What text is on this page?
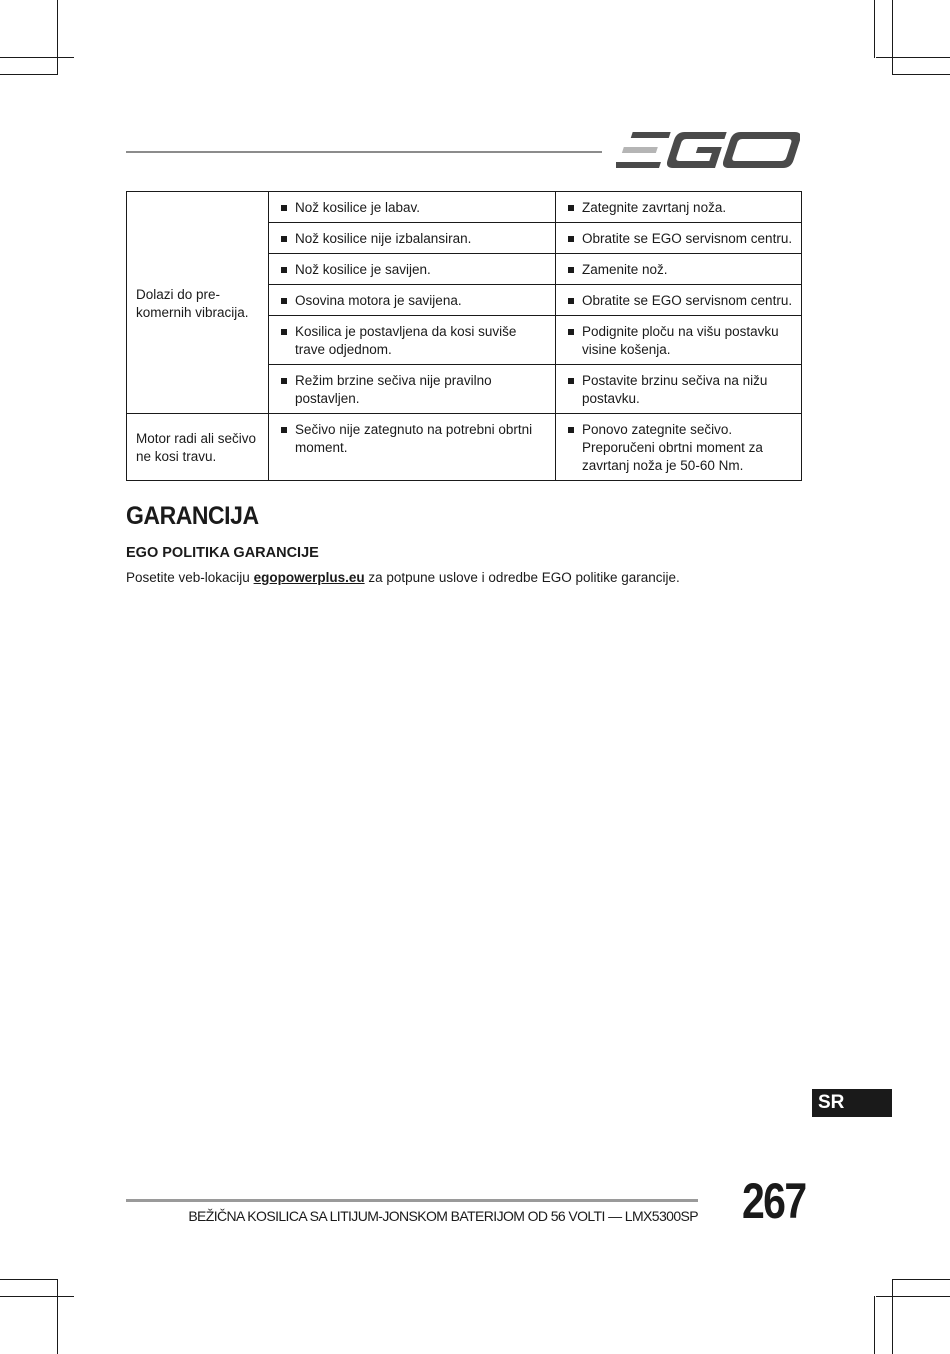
Dolazi do pre-komernih vibracija.	Nož kosilice je labav.	Zategnite zavrtanj noža.

	Nož kosilice nije izbalansiran.	Obratite se EGO servisnom centru.

	Nož kosilice je savijen.	Zamenite nož.

	Osovina motora je savijena.	Obratite se EGO servisnom centru.

	Kosilica je postavljena da kosi suviše trave odjednom.	Podignite ploču na višu postavku visine košenja.

	Režim brzine sečiva nije pravilno postavljen.	Postavite brzinu sečiva na nižu postavku.

Motor radi ali sečivo ne kosi travu.	Sečivo nije zategnuto na potrebni obrtni moment.	Ponovo zategnite sečivo. Preporučeni obrtni moment za zavrtanj noža je 50-60 Nm.
GARANCIJA
EGO POLITIKA GARANCIJE

Posetite veb-lokaciju egopowerplus.eu za potpune uslove i odredbe EGO politike garancije.

SR
BEŽIČNA KOSILICA SA LITIJUM-JONSKOM BATERIJOM OD 56 VOLTI — LMX5300SP 267
